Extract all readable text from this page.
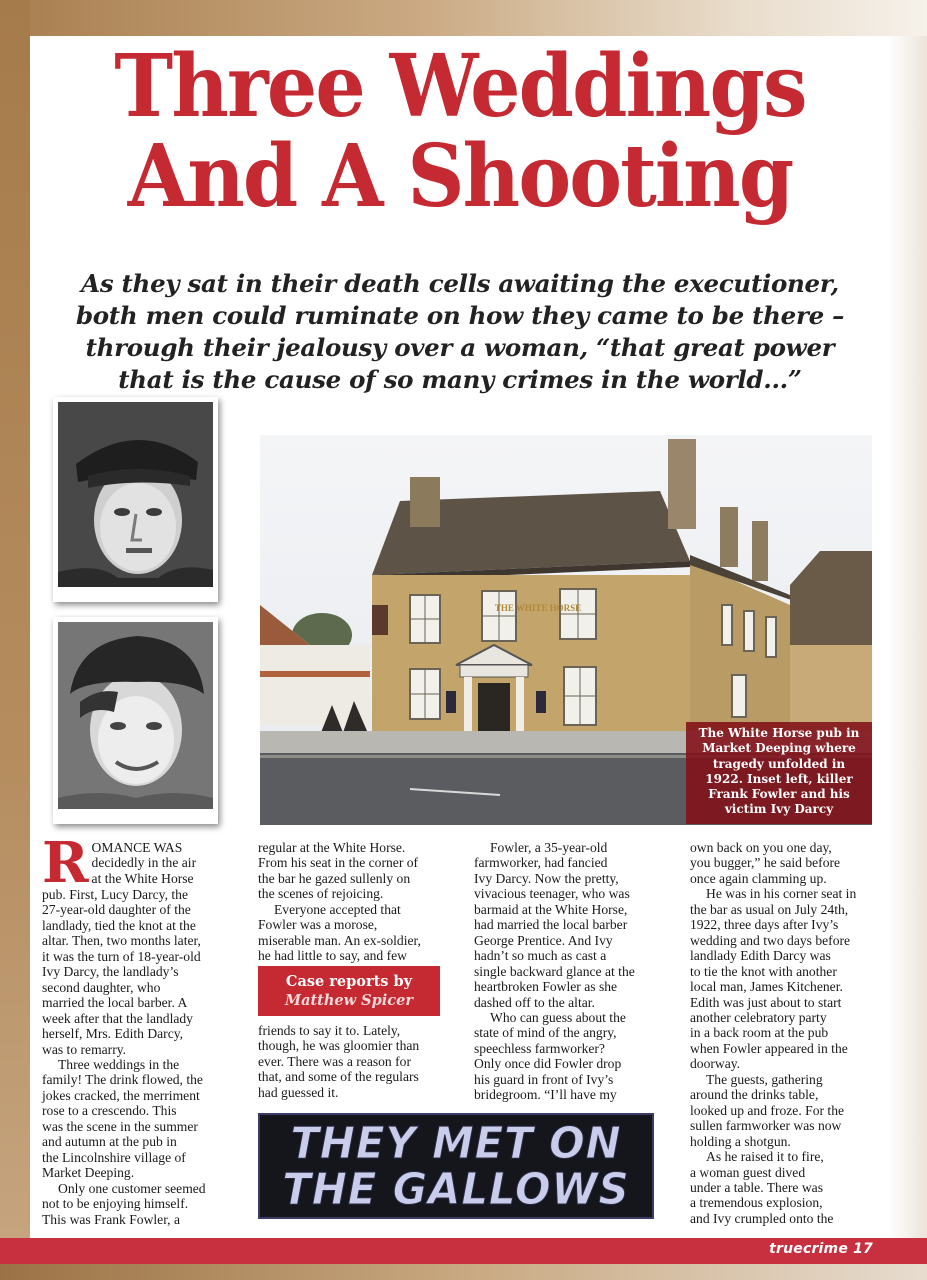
Three Weddings
And A Shooting
As they sat in their death cells awaiting the executioner,
both men could ruminate on how they came to be there –
through their jealousy over a woman, “that great power
that is the cause of so many crimes in the world...”
THE WHITE HORSE
The White Horse pub in
Market Deeping where
tragedy unfolded in
1922. Inset left, killer
Frank Fowler and his
victim Ivy Darcy
R OMANCE WAS
decidedly in the air
at the White Horse
pub. First, Lucy Darcy, the
27-year-old daughter of the
landlady, tied the knot at the
altar. Then, two months later,
it was the turn of 18-year-old
Ivy Darcy, the landlady’s
second daughter, who
married the local barber. A
week after that the landlady
herself, Mrs. Edith Darcy,
was to remarry.
Three weddings in the
family! The drink flowed, the
jokes cracked, the merriment
rose to a crescendo. This
was the scene in the summer
and autumn at the pub in
the Lincolnshire village of
Market Deeping.
Only one customer seemed
not to be enjoying himself.
This was Frank Fowler, a
regular at the White Horse.
From his seat in the corner of
the bar he gazed sullenly on
the scenes of rejoicing.
Everyone accepted that
Fowler was a morose,
miserable man. An ex-soldier,
he had little to say, and few
Case reports by
Matthew Spicer
friends to say it to. Lately,
though, he was gloomier than
ever. There was a reason for
that, and some of the regulars
had guessed it.
Fowler, a 35-year-old
farmworker, had fancied
Ivy Darcy. Now the pretty,
vivacious teenager, who was
barmaid at the White Horse,
had married the local barber
George Prentice. And Ivy
hadn’t so much as cast a
single backward glance at the
heartbroken Fowler as she
dashed off to the altar.
Who can guess about the
state of mind of the angry,
speechless farmworker?
Only once did Fowler drop
his guard in front of Ivy’s
bridegroom. “I’ll have my
own back on you one day,
you bugger,” he said before
once again clamming up.
He was in his corner seat in
the bar as usual on July 24th,
1922, three days after Ivy’s
wedding and two days before
landlady Edith Darcy was
to tie the knot with another
local man, James Kitchener.
Edith was just about to start
another celebratory party
in a back room at the pub
when Fowler appeared in the
doorway.
The guests, gathering
around the drinks table,
looked up and froze. For the
sullen farmworker was now
holding a shotgun.
As he raised it to fire,
a woman guest dived
under a table. There was
a tremendous explosion,
and Ivy crumpled onto the
THEY MET ON
THE GALLOWS
truecrime 17
